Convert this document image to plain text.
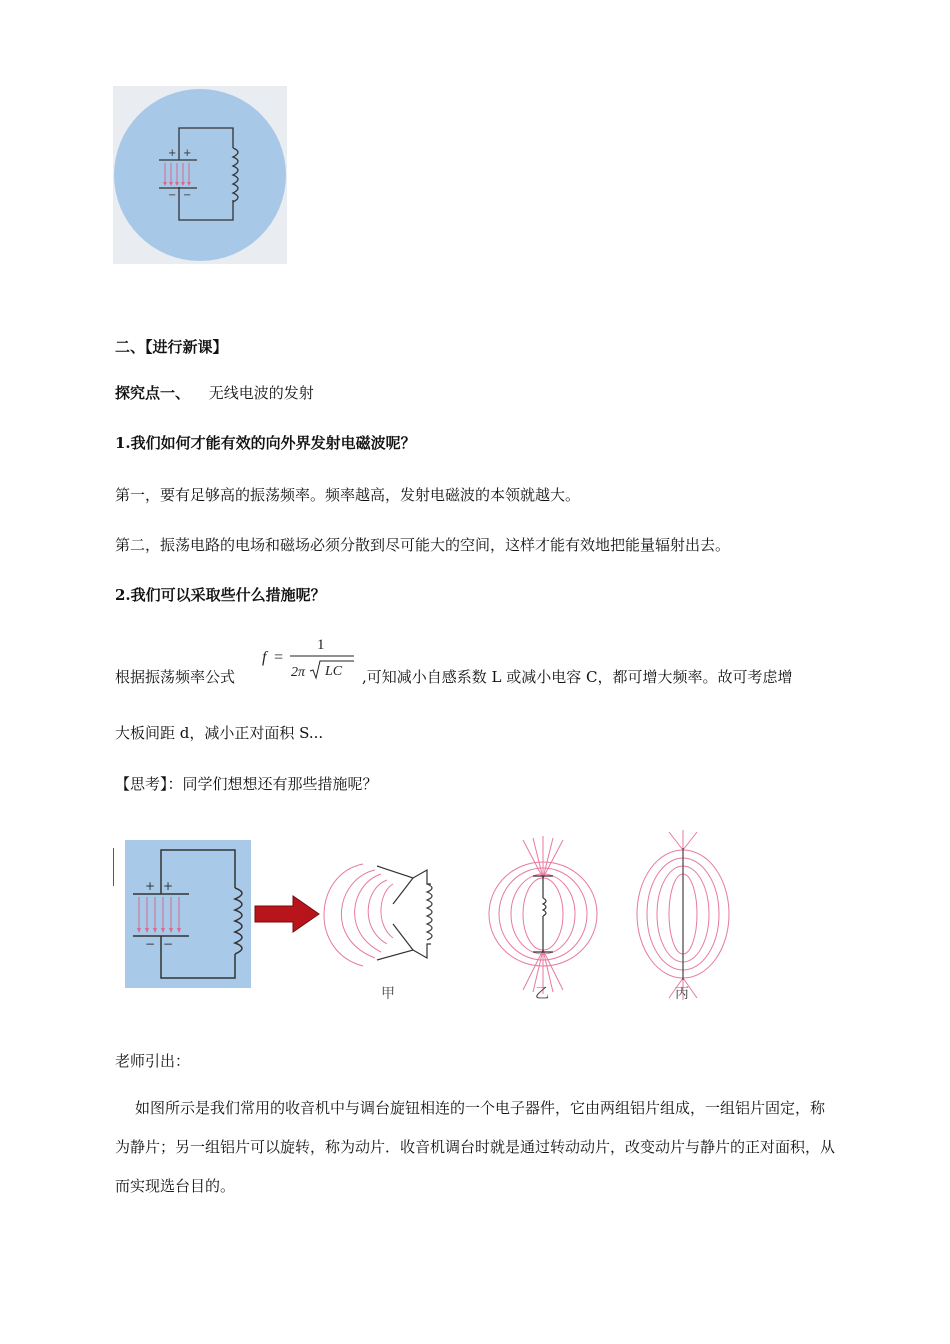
+ +
− −
二、【进行新课】
探究点一、 无线电波的发射
1.我们如何才能有效的向外界发射电磁波呢？
第一，要有足够高的振荡频率。频率越高，发射电磁波的本领就越大。
第二，振荡电路的电场和磁场必须分散到尽可能大的空间，这样才能有效地把能量辐射出去。
2.我们可以采取些什么措施呢？
根据振荡频率公式
f =
1
2π LC ,可知减小自感系数 L 或减小电容 C，都可增大频率。故可考虑增
大板间距 d，减小正对面积 S...
【思考】：同学们想想还有那些措施呢？
+ +
− −
甲	乙	丙
老师引出：
如图所示是我们常用的收音机中与调台旋钮相连的一个电子器件，它由两组铝片组成，一组铝片固定，称为静片；另一组铝片可以旋转，称为动片．收音机调台时就是通过转动动片，改变动片与静片的正对面积，从而实现选台目的。
